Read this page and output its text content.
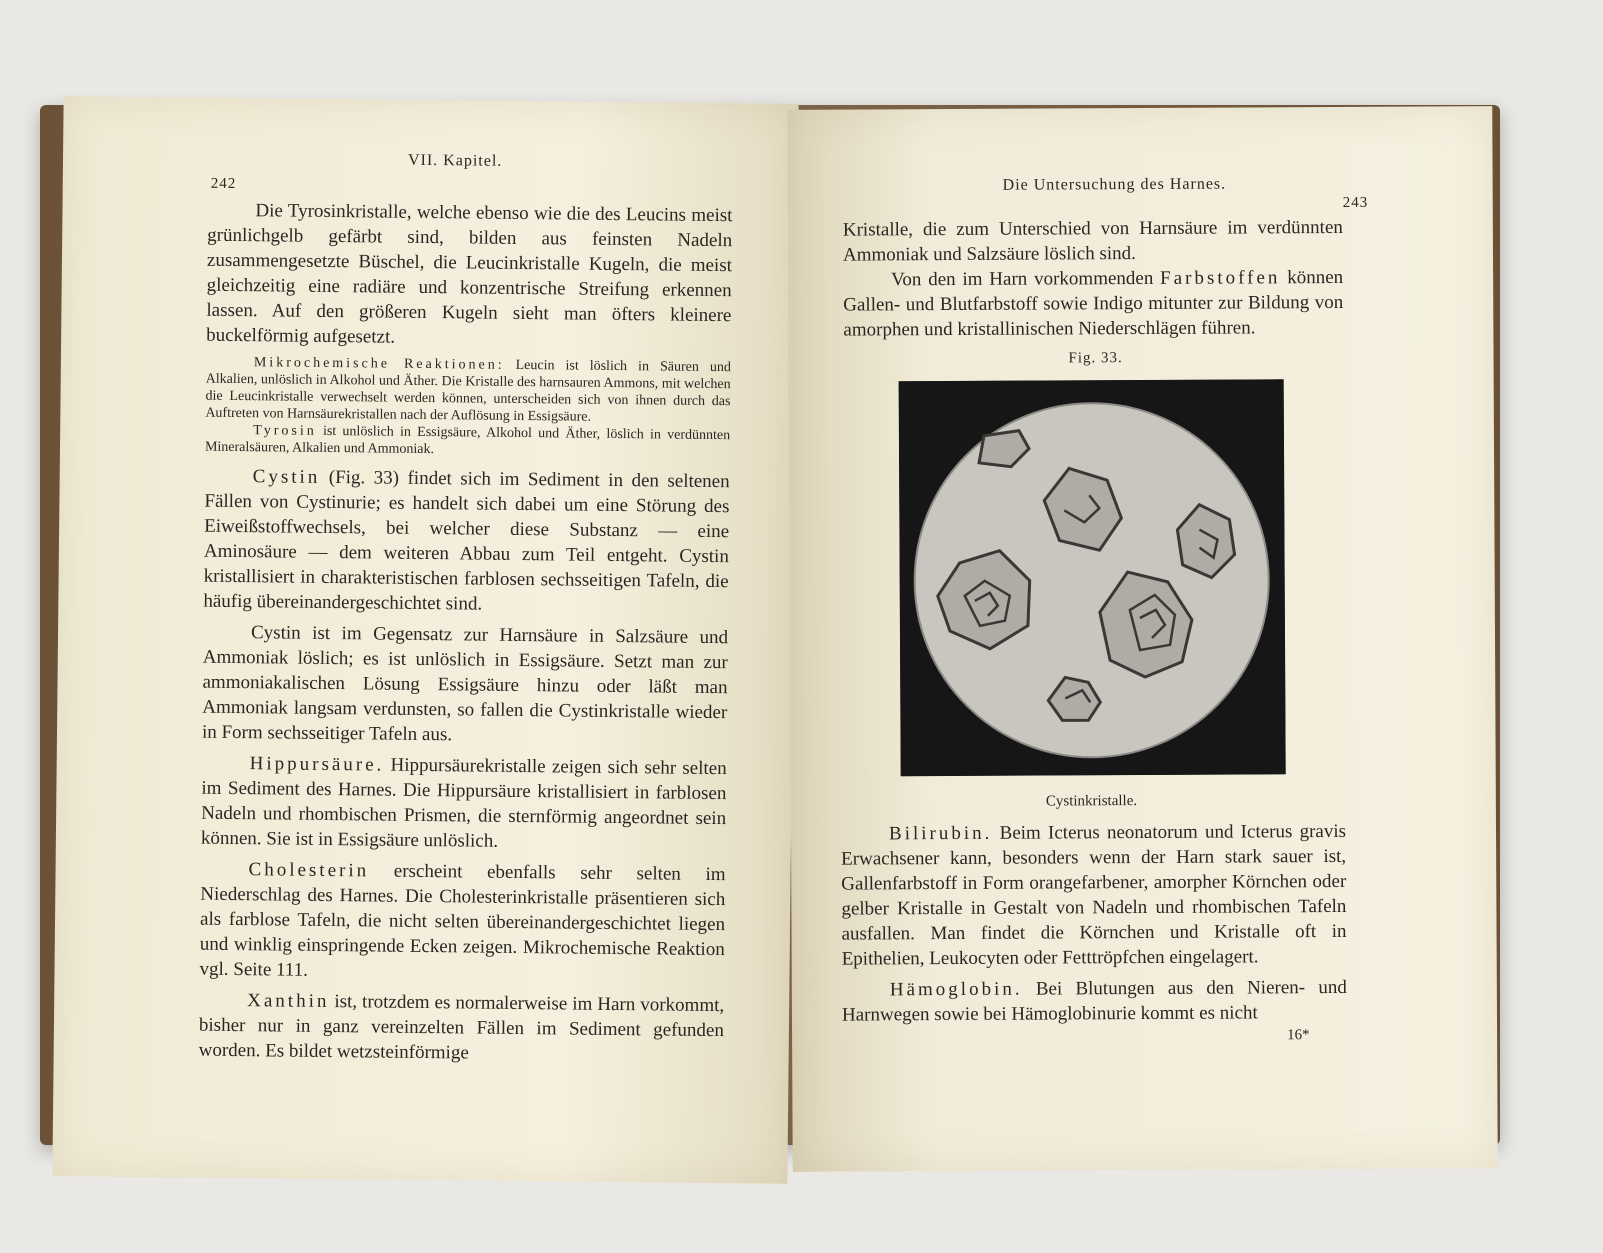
242
VII. Kapitel.

Die Tyrosinkristalle, welche ebenso wie die des Leucins meist grünlichgelb gefärbt sind, bilden aus feinsten Nadeln zusammengesetzte Büschel, die Leucinkristalle Kugeln, die meist gleichzeitig eine radiäre und konzentrische Streifung erkennen lassen. Auf den größeren Kugeln sieht man öfters kleinere buckelförmig aufgesetzt.

Mikrochemische Reaktionen: Leucin ist löslich in Säuren und Alkalien, unlöslich in Alkohol und Äther. Die Kristalle des harnsauren Ammons, mit welchen die Leucinkristalle verwechselt werden können, unterscheiden sich von ihnen durch das Auftreten von Harnsäurekristallen nach der Auflösung in Essigsäure.

Tyrosin ist unlöslich in Essigsäure, Alkohol und Äther, löslich in verdünnten Mineralsäuren, Alkalien und Ammoniak.

Cystin (Fig. 33) findet sich im Sediment in den seltenen Fällen von Cystinurie; es handelt sich dabei um eine Störung des Eiweißstoffwechsels, bei welcher diese Substanz — eine Aminosäure — dem weiteren Abbau zum Teil entgeht. Cystin kristallisiert in charakteristischen farblosen sechsseitigen Tafeln, die häufig übereinandergeschichtet sind.

Cystin ist im Gegensatz zur Harnsäure in Salzsäure und Ammoniak löslich; es ist unlöslich in Essigsäure. Setzt man zur ammoniakalischen Lösung Essigsäure hinzu oder läßt man Ammoniak langsam verdunsten, so fallen die Cystinkristalle wieder in Form sechsseitiger Tafeln aus.

Hippursäure. Hippursäurekristalle zeigen sich sehr selten im Sediment des Harnes. Die Hippursäure kristallisiert in farblosen Nadeln und rhombischen Prismen, die sternförmig angeordnet sein können. Sie ist in Essigsäure unlöslich.

Cholesterin erscheint ebenfalls sehr selten im Niederschlag des Harnes. Die Cholesterinkristalle präsentieren sich als farblose Tafeln, die nicht selten übereinandergeschichtet liegen und winklig einspringende Ecken zeigen. Mikrochemische Reaktion vgl. Seite 111.

Xanthin ist, trotzdem es normalerweise im Harn vorkommt, bisher nur in ganz vereinzelten Fällen im Sediment gefunden worden. Es bildet wetzsteinförmige

Die Untersuchung des Harnes.
243

Kristalle, die zum Unterschied von Harnsäure im verdünnten Ammoniak und Salzsäure löslich sind.

Von den im Harn vorkommenden Farbstoffen können Gallen- und Blutfarbstoff sowie Indigo mitunter zur Bildung von amorphen und kristallinischen Niederschlägen führen.

Fig. 33.
Cystinkristalle.

Bilirubin. Beim Icterus neonatorum und Icterus gravis Erwachsener kann, besonders wenn der Harn stark sauer ist, Gallenfarbstoff in Form orangefarbener, amorpher Körnchen oder gelber Kristalle in Gestalt von Nadeln und rhombischen Tafeln ausfallen. Man findet die Körnchen und Kristalle oft in Epithelien, Leukocyten oder Fetttröpfchen eingelagert.

Hämoglobin. Bei Blutungen aus den Nieren- und Harnwegen sowie bei Hämoglobinurie kommt es nicht

16*
